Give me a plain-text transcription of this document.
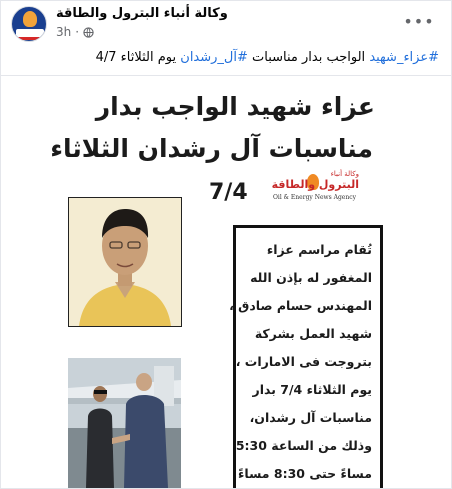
وكالة أنباء البترول والطاقة
3h ·
•••
#عزاء_شهيد الواجب بدار مناسبات #آل_رشدان يوم الثلاثاء 4/7
عزاء شهيد الواجب بدار
مناسبات آل رشدان الثلاثاء
7/4
وكالة أنباء
البترول والطاقة
Oil & Energy News Agency
تُقام مراسم عزاء
المغفور له بإذن الله
المهندس حسام صادق ،
شهيد العمل بشركة
بتروجت فى الامارات ،
يوم الثلاثاء 7/4 بدار
مناسبات آل رشدان،
وذلك من الساعة 5:30
مساءً حتى 8:30 مساءً
